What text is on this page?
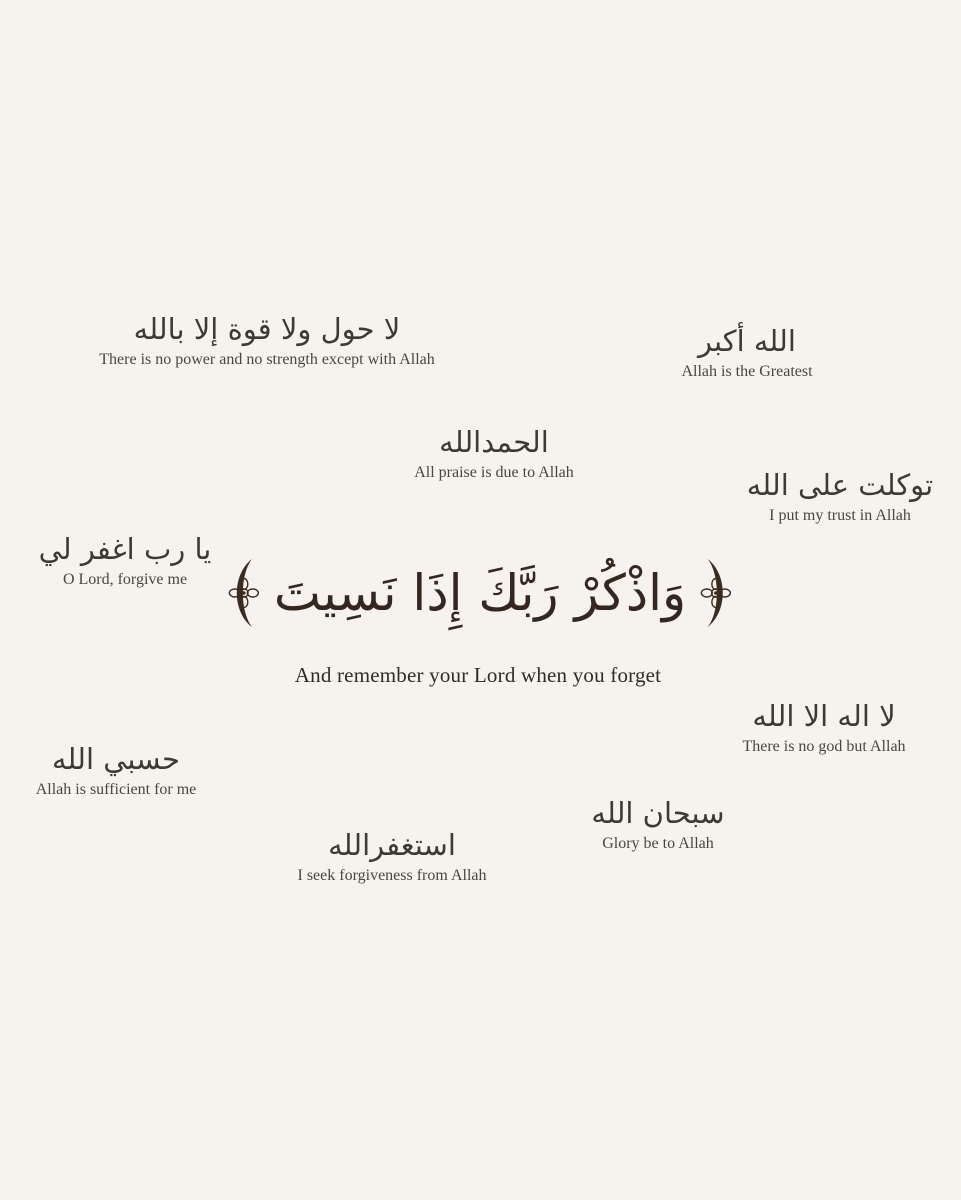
لا حول ولا قوة إلا بالله
There is no power and no strength except with Allah
الله أكبر
Allah is the Greatest
الحمدالله
All praise is due to Allah	توكلت على الله
I put my trust in Allah
يا رب اغفر لي
O Lord, forgive me	وَاذْكُرْ رَبَّكَ إِذَا نَسِيتَ
And remember your Lord when you forget
لا اله الا الله
There is no god but Allah
حسبي الله
Allah is sufficient for me
سبحان الله
Glory be to Allah
استغفرالله
I seek forgiveness from Allah
